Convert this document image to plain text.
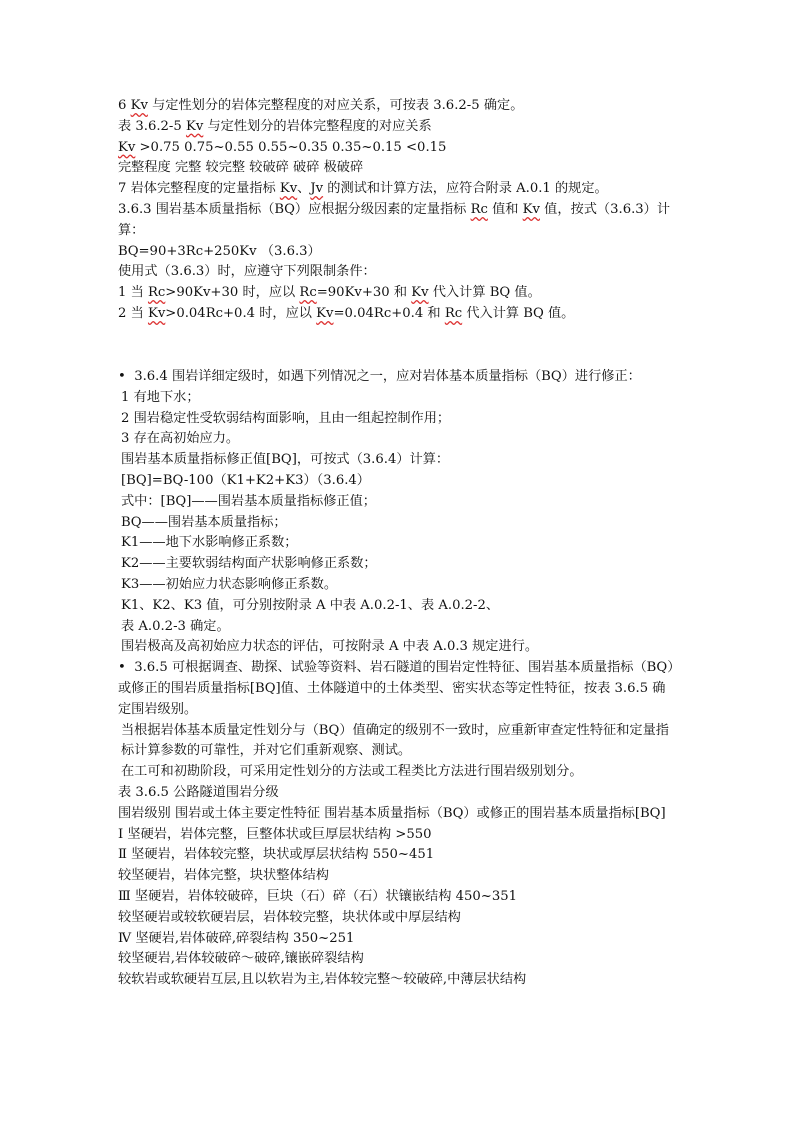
6 Kv 与定性划分的岩体完整程度的对应关系，可按表 3.6.2-5 确定。
表 3.6.2-5 Kv 与定性划分的岩体完整程度的对应关系
Kv >0.75 0.75~0.55 0.55~0.35 0.35~0.15 <0.15
完整程度 完整 较完整 较破碎 破碎 极破碎
7 岩体完整程度的定量指标 Kv、Jv 的测试和计算方法，应符合附录 A.0.1 的规定。
3.6.3 围岩基本质量指标（BQ）应根据分级因素的定量指标 Rc 值和 Kv 值，按式（3.6.3）计算：
BQ=90+3Rc+250Kv （3.6.3）
使用式（3.6.3）时，应遵守下列限制条件：
1 当 Rc>90Kv+30 时，应以 Rc=90Kv+30 和 Kv 代入计算 BQ 值。
2 当 Kv>0.04Rc+0.4 时，应以 Kv=0.04Rc+0.4 和 Rc 代入计算 BQ 值。
• 3.6.4 围岩详细定级时，如遇下列情况之一，应对岩体基本质量指标（BQ）进行修正：
1 有地下水；
2 围岩稳定性受软弱结构面影响，且由一组起控制作用；
3 存在高初始应力。
围岩基本质量指标修正值[BQ]，可按式（3.6.4）计算：
[BQ]=BQ-100（K1+K2+K3）（3.6.4）
式中：[BQ]——围岩基本质量指标修正值；
BQ——围岩基本质量指标；
K1——地下水影响修正系数；
K2——主要软弱结构面产状影响修正系数；
K3——初始应力状态影响修正系数。
K1、K2、K3 值，可分别按附录 A 中表 A.0.2-1、表 A.0.2-2、
表 A.0.2-3 确定。
围岩极高及高初始应力状态的评估，可按附录 A 中表 A.0.3 规定进行。
• 3.6.5 可根据调查、勘探、试验等资料、岩石隧道的围岩定性特征、围岩基本质量指标（BQ）或修正的围岩质量指标[BQ]值、土体隧道中的土体类型、密实状态等定性特征，按表 3.6.5 确定围岩级别。
当根据岩体基本质量定性划分与（BQ）值确定的级别不一致时，应重新审查定性特征和定量指标计算参数的可靠性，并对它们重新观察、测试。
在工可和初勘阶段，可采用定性划分的方法或工程类比方法进行围岩级别划分。
表 3.6.5 公路隧道围岩分级
围岩级别 围岩或土体主要定性特征 围岩基本质量指标（BQ）或修正的围岩基本质量指标[BQ]
Ⅰ 坚硬岩，岩体完整，巨整体状或巨厚层状结构 >550
Ⅱ 坚硬岩，岩体较完整，块状或厚层状结构 550~451
较坚硬岩，岩体完整，块状整体结构
Ⅲ 坚硬岩，岩体较破碎，巨块（石）碎（石）状镶嵌结构 450~351
较坚硬岩或较软硬岩层，岩体较完整，块状体或中厚层结构
Ⅳ 坚硬岩,岩体破碎,碎裂结构 350~251
较坚硬岩,岩体较破碎～破碎,镶嵌碎裂结构
较软岩或软硬岩互层,且以软岩为主,岩体较完整～较破碎,中薄层状结构
